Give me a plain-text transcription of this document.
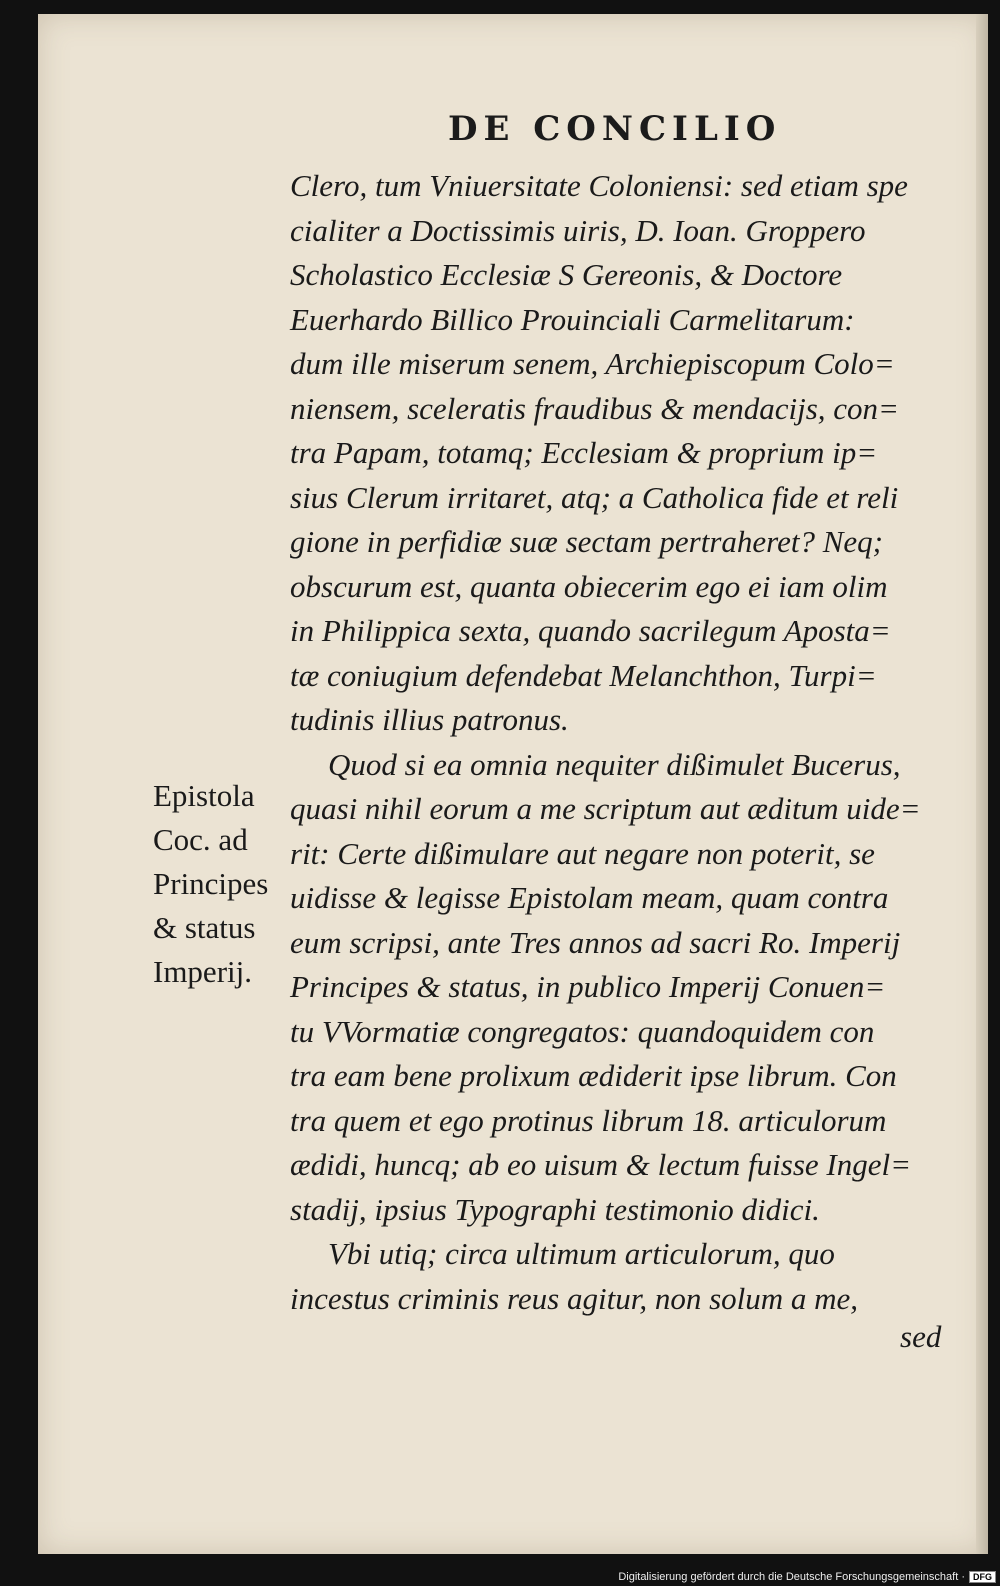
DE CONCILIO
Clero, tum Vniuersitate Coloniensi: sed etiam spe
cialiter a Doctissimis uiris, D. Ioan. Groppero
Scholastico Ecclesiæ S Gereonis, & Doctore
Euerhardo Billico Prouinciali Carmelitarum:
dum ille miserum senem, Archiepiscopum Colo=
niensem, sceleratis fraudibus & mendacijs, con=
tra Papam, totamq; Ecclesiam & proprium ip=
sius Clerum irritaret, atq; a Catholica fide et reli
gione in perfidiæ suæ sectam pertraheret? Neq;
obscurum est, quanta obiecerim ego ei iam olim
in Philippica sexta, quando sacrilegum Aposta=
tæ coniugium defendebat Melanchthon, Turpi=
tudinis illius patronus.
Quod si ea omnia nequiter dißimulet Bucerus,
quasi nihil eorum a me scriptum aut æditum uide=
rit: Certe dißimulare aut negare non poterit, se
uidisse & legisse Epistolam meam, quam contra
eum scripsi, ante Tres annos ad sacri Ro. Imperij
Principes & status, in publico Imperij Conuen=
tu VVormatiæ congregatos: quandoquidem con
tra eam bene prolixum ædiderit ipse librum. Con
tra quem et ego protinus librum 18. articulorum
ædidi, huncq; ab eo uisum & lectum fuisse Ingel=
stadij, ipsius Typographi testimonio didici.
Vbi utiq; circa ultimum articulorum, quo
incestus criminis reus agitur, non solum a me,
Epistola
Coc. ad
Principes
& status
Imperij.
sed
Digitalisierung gefördert durch die Deutsche Forschungsgemeinschaft · DFG
